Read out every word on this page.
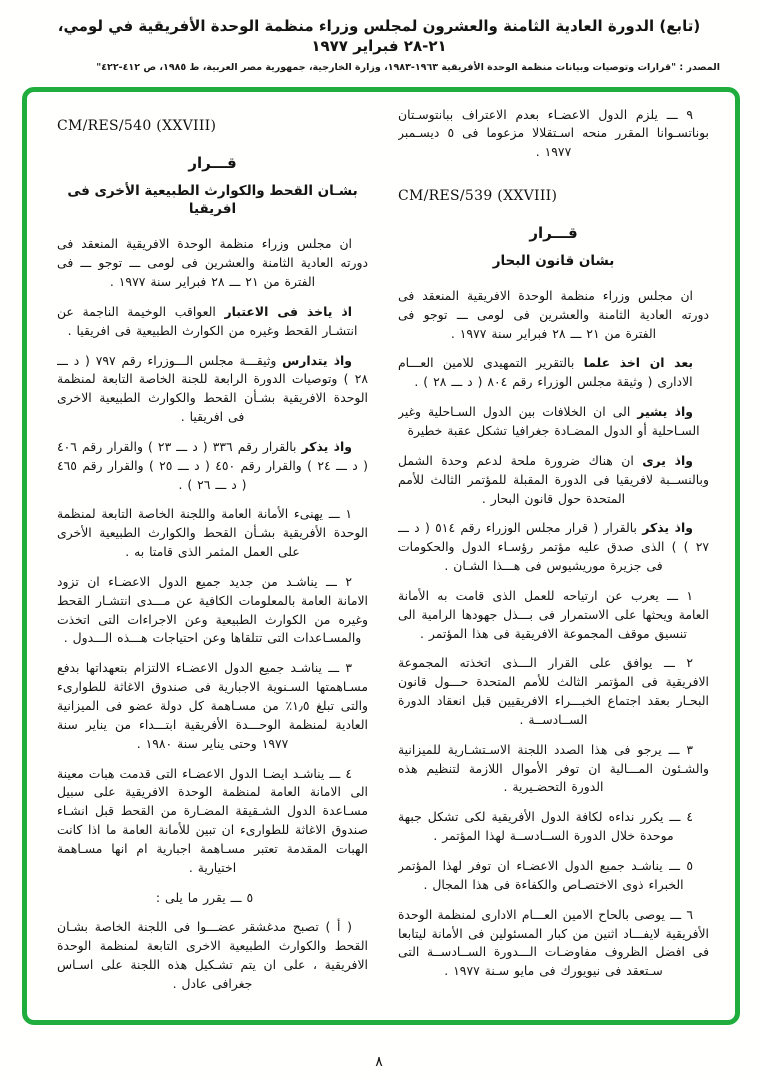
(تابع) الدورة العادية الثامنة والعشرون لمجلس وزراء منظمة الوحدة الأفريقية في لومي، ٢١-٢٨ فبراير ١٩٧٧
المصدر : "قرارات وتوصيات وبيانات منظمة الوحدة الأفريقية ١٩٦٣-١٩٨٣، وزارة الخارجية، جمهورية مصر العربية، ط ١٩٨٥، ص ٤١٢-٤٢٢"

٩ ـــ يلزم الدول الاعضـاء بعدم الاعتراف ببانتوسـتان بوناتسـوانا المقرر منحه اسـتقلالا مزعوما فى ٥ ديسـمبر ١٩٧٧ .

CM/RES/539 (XXVIII)
قـــرار
بشان قانون البحار

ان مجلس وزراء منظمة الوحدة الافريقية المنعقد فى دورته العادية الثامنة والعشرين فى لومى ـــ توجو فى الفترة من ٢١ ـــ ٢٨ فبراير سنة ١٩٧٧ .

بعد ان اخذ علما بالتقرير التمهيدى للامين العـــام الادارى ( وثيقة مجلس الوزراء رقم ٨٠٤ ( د ـــ ٢٨ ) .

واذ يشير الى ان الخلافات بين الدول السـاحلية وغير السـاحلية أو الدول المضـادة جغرافيا تشكل عقبة خطيرة

واذ يرى ان هناك ضرورة ملحة لدعم وحدة الشمل وبالنســبة لافريقيا فى الدورة المقبلة للمؤتمر الثالث للأمم المتحدة حول قانون البحار .

واذ يذكر بالقرار ( قرار مجلس الوزراء رقم ٥١٤ ( د ـــ ٢٧ ) ) الذى صدق عليه مؤتمر رؤسـاء الدول والحكومات فى جزيرة موريشيوس فى هـــذا الشـان .

١ ـــ يعرب عن ارتياحه للعمل الذى قامت به الأمانة العامة ويحثها على الاستمرار فى بـــذل جهودها الرامية الى تنسيق موقف المجموعة الافريقية فى هذا المؤتمر .

٢ ـــ يوافق على القرار الـــذى اتخذته المجموعة الافريقية فى المؤتمر الثالث للأمم المتحدة حـــول قانون البحـار بعقد اجتماع الخبـــراء الافريقيين قبل انعقاد الدورة الســادســة .

٣ ـــ يرجو فى هذا الصدد اللجنة الاسـتشـارية للميزانية والشـئون المـــالية ان توفر الأموال اللازمة لتنظيم هذه الدورة التحضـيرية .

٤ ـــ يكرر نداءه لكافة الدول الأفريقية لكى تشكل جبهة موحدة خلال الدورة الســادســة لهذا المؤتمر .

٥ ـــ يناشـد جميع الدول الاعضـاء ان توفر لهذا المؤتمر الخبراء ذوى الاختصـاص والكفاءة فى هذا المجال .

٦ ـــ يوصى بالحاح الامين العـــام الادارى لمنظمة الوحدة الأفريقية لايفـــاد اثنين من كبار المسئولين فى الأمانة ليتابعا فى افضل الظروف مفاوضـات الـــدورة الســادســة التى سـتعقد فى نيويورك فى مايو سـنة ١٩٧٧ .

CM/RES/540 (XXVIII)
قـــرار
بشـان القحط والكوارث الطبيعية الأخرى فى افريقيا

ان مجلس وزراء منظمة الوحدة الافريقية المنعقد فى دورته العادية الثامنة والعشرين فى لومى ـــ توجو ـــ فى الفترة من ٢١ ـــ ٢٨ فبراير سنة ١٩٧٧ .

اذ ياخذ فى الاعتبار العواقب الوخيمة الناجمة عن انتشـار القحط وغيره من الكوارث الطبيعية فى افريقيا .

واذ يتدارس وثيقـــة مجلس الـــوزراء رقم ٧٩٧ ( د ـــ ٢٨ ) وتوصيات الدورة الرابعة للجنة الخاصة التابعة لمنظمة الوحدة الافريقية بشـأن القحط والكوارث الطبيعية الاخرى فى افريقيا .

واذ يذكر بالقرار رقم ٣٣٦ ( د ـــ ٢٣ ) والقرار رقم ٤٠٦ ( د ـــ ٢٤ ) والقرار رقم ٤٥٠ ( د ـــ ٢٥ ) والقرار رقم ٤٦٥ ( د ـــ ٢٦ ) .

١ ـــ يهنىء الأمانة العامة واللجنة الخاصة التابعة لمنظمة الوحدة الأفريقية بشـأن القحط والكوارث الطبيعية الأخرى على العمل المثمر الذى قامتا به .

٢ ـــ يناشـد من جديد جميع الدول الاعضـاء ان تزود الامانة العامة بالمعلومات الكافية عن مـــدى انتشـار القحط وغيره من الكوارث الطبيعية وعن الاجراءات التى اتخذت والمسـاعدات التى تتلقاها وعن احتياجات هـــذه الـــدول .

٣ ـــ يناشـد جميع الدول الاعضـاء الالتزام بتعهداتها بدفع مسـاهمتها السـنوية الاجبارية فى صندوق الاغاثة للطوارىء والتى تبلغ ١٫٥٪ من مسـاهمة كل دولة عضو فى الميزانية العادية لمنظمة الوحـــدة الأفريقية ابتـــداء من يناير سنة ١٩٧٧ وحتى يناير سنة ١٩٨٠ .

٤ ـــ يناشـد ايضـا الدول الاعضـاء التى قدمت هبات معينة الى الامانة العامة لمنظمة الوحدة الافريقية على سبيل مسـاعدة الدول الشـقيقة المضـارة من القحط قبل انشـاء صندوق الاغاثة للطوارىء ان تبين للأمانة العامة ما اذا كانت الهبات المقدمة تعتبر مسـاهمة اجبارية ام انها مسـاهمة اختيارية .

٥ ـــ يقرر ما يلى :

( أ ) تصبح مدغشقر عضـــوا فى اللجنة الخاصة بشـان القحط والكوارث الطبيعية الاخرى التابعة لمنظمة الوحدة الافريقية ، على ان يتم تشـكيل هذه اللجنة على اسـاس جغرافى عادل .

٨
